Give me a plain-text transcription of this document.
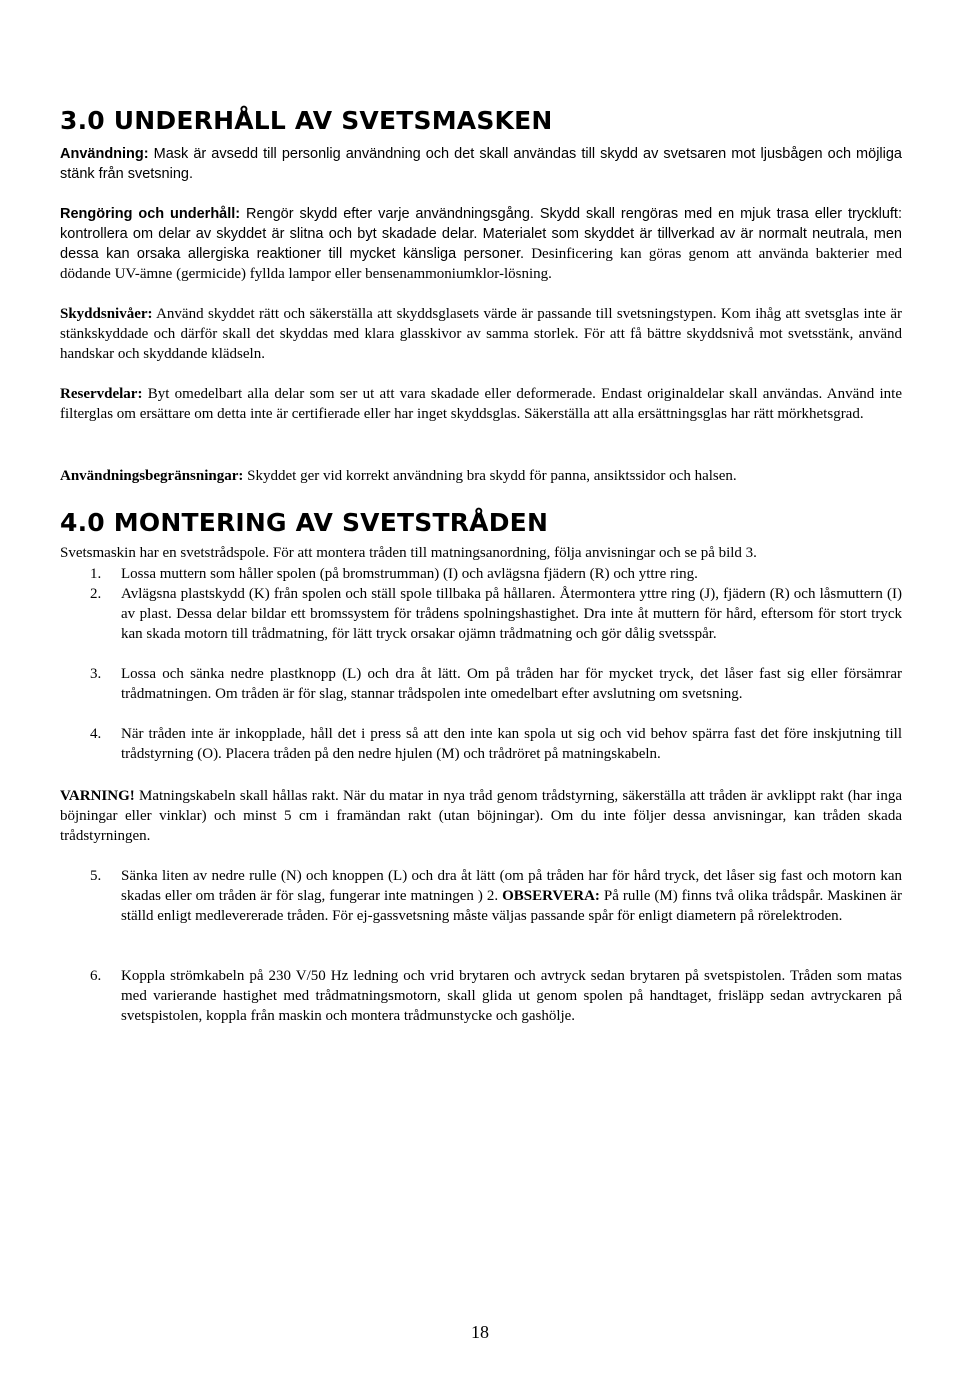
3.0 UNDERHÅLL AV SVETSMASKEN

Användning: Mask är avsedd till personlig användning och det skall användas till skydd av svetsaren mot ljusbågen och möjliga stänk från svetsning.

Rengöring och underhåll: Rengör skydd efter varje användningsgång. Skydd skall rengöras med en mjuk trasa eller tryckluft: kontrollera om delar av skyddet är slitna och byt skadade delar. Materialet som skyddet är tillverkad av är normalt neutrala, men dessa kan orsaka allergiska reaktioner till mycket känsliga personer. Desinficering kan göras genom att använda bakterier med dödande UV-ämne (germicide) fyllda lampor eller bensenammoniumklor-lösning.

Skyddsnivåer: Använd skyddet rätt och säkerställa att skyddsglasets värde är passande till svetsningstypen. Kom ihåg att svetsglas inte är stänkskyddade och därför skall det skyddas med klara glasskivor av samma storlek. För att få bättre skyddsnivå mot svetsstänk, använd handskar och skyddande klädseln.

Reservdelar: Byt omedelbart alla delar som ser ut att vara skadade eller deformerade. Endast originaldelar skall användas. Använd inte filterglas om ersättare om detta inte är certifierade eller har inget skyddsglas. Säkerställa att alla ersättningsglas har rätt mörkhetsgrad.

Användningsbegränsningar: Skyddet ger vid korrekt användning bra skydd för panna, ansiktssidor och halsen.

4.0 MONTERING AV SVETSTRÅDEN

Svetsmaskin har en svetstrådspole. För att montera tråden till matningsanordning, följa anvisningar och se på bild 3.

1. Lossa muttern som håller spolen (på bromstrumman) (I) och avlägsna fjädern (R) och yttre ring.
2. Avlägsna plastskydd (K) från spolen och ställ spole tillbaka på hållaren. Återmontera yttre ring (J), fjädern (R) och låsmuttern (I) av plast. Dessa delar bildar ett bromssystem för trådens spolningshastighet. Dra inte åt muttern för hård, eftersom för stort tryck kan skada motorn till trådmatning, för lätt tryck orsakar ojämn trådmatning och gör dålig svetsspår.
3. Lossa och sänka nedre plastknopp (L) och dra åt lätt. Om på tråden har för mycket tryck, det låser fast sig eller försämrar trådmatningen. Om tråden är för slag, stannar trådspolen inte omedelbart efter avslutning om svetsning.
4. När tråden inte är inkopplade, håll det i press så att den inte kan spola ut sig och vid behov spärra fast det före inskjutning till trådstyrning (O). Placera tråden på den nedre hjulen (M) och trådröret på matningskabeln.

VARNING! Matningskabeln skall hållas rakt. När du matar in nya tråd genom trådstyrning, säkerställa att tråden är avklippt rakt (har inga böjningar eller vinklar) och minst 5 cm i framändan rakt (utan böjningar). Om du inte följer dessa anvisningar, kan tråden skada trådstyrningen.

5. Sänka liten av nedre rulle (N) och knoppen (L) och dra åt lätt (om på tråden har för hård tryck, det låser sig fast och motorn kan skadas eller om tråden är för slag, fungerar inte matningen ) 2. OBSERVERA: På rulle (M) finns två olika trådspår. Maskinen är ställd enligt medlevererade tråden. För ej-gassvetsning måste väljas passande spår för enligt diametern på rörelektroden.
6. Koppla strömkabeln på 230 V/50 Hz ledning och vrid brytaren och avtryck sedan brytaren på svetspistolen. Tråden som matas med varierande hastighet med trådmatningsmotorn, skall glida ut genom spolen på handtaget, frisläpp sedan avtryckaren på svetspistolen, koppla från maskin och montera trådmunstycke och gashölje.
18
